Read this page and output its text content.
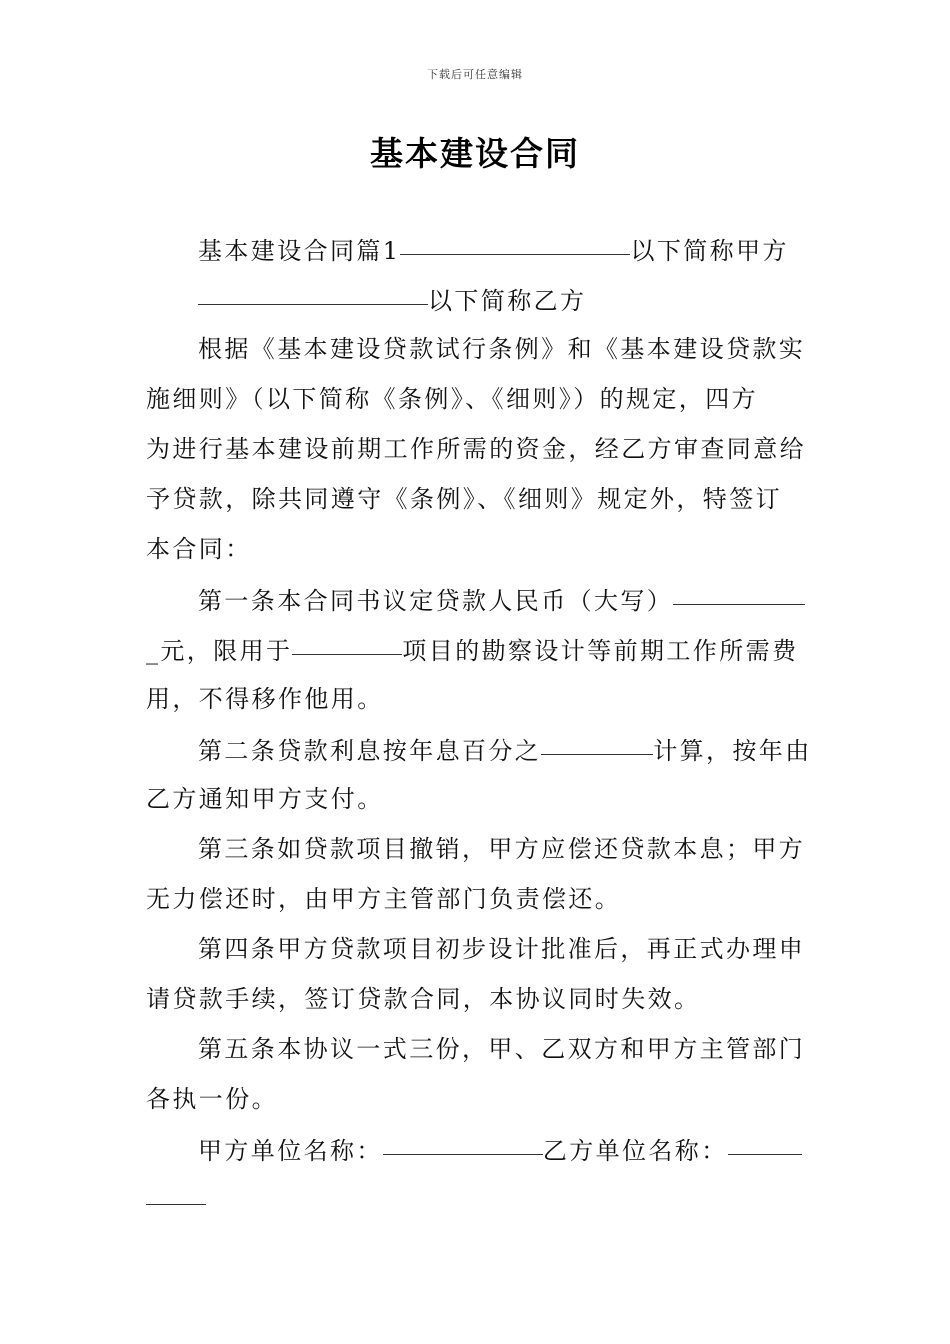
下载后可任意编辑
基本建设合同
基本建设合同篇1	以下简称甲方
以下简称乙方
根据《基本建设贷款试行条例》和《基本建设贷款实
施细则》（以下简称《条例》、《细则》）的规定，四方
为进行基本建设前期工作所需的资金，经乙方审查同意给
予贷款，除共同遵守《条例》、《细则》规定外，特签订
本合同：
第一条本合同书议定贷款人民币（大写）
_元，限用于	项目的勘察设计等前期工作所需费
用，不得移作他用。
第二条贷款利息按年息百分之	计算，按年由
乙方通知甲方支付。
第三条如贷款项目撤销，甲方应偿还贷款本息；甲方
无力偿还时，由甲方主管部门负责偿还。
第四条甲方贷款项目初步设计批准后，再正式办理申
请贷款手续，签订贷款合同，本协议同时失效。
第五条本协议一式三份，甲、乙双方和甲方主管部门
各执一份。
甲方单位名称：	乙方单位名称：
